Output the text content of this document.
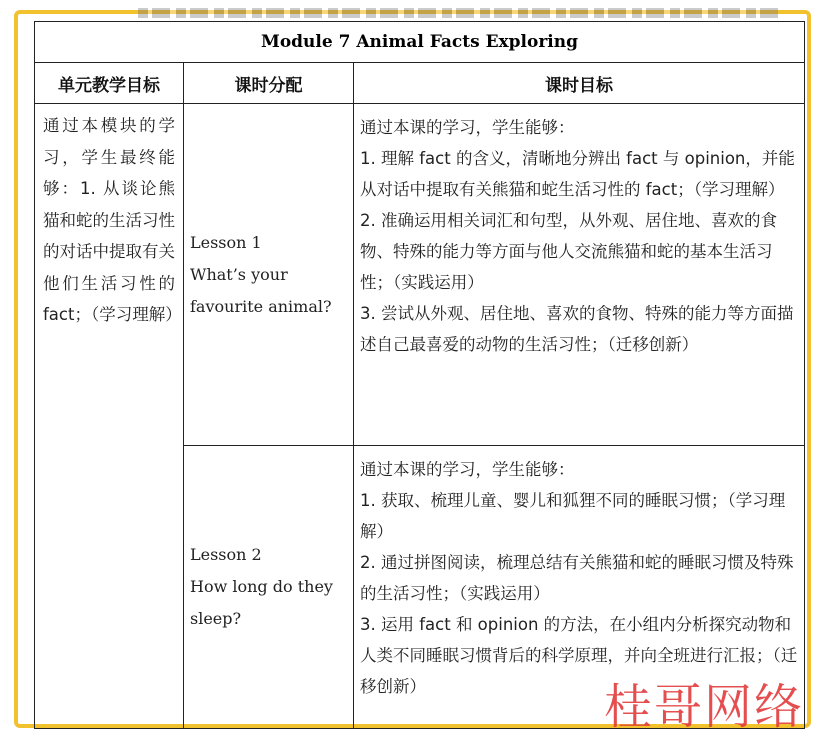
Module 7 Animal Facts Exploring		
单元教学目标	课时分配	课时目标
通过本模块的学习，学生最终能够：1. 从谈论熊猫和蛇的生活习性的对话中提取有关他们生活习性的fact；（学习理解）	Lesson 1
What’s your
favourite animal?	通过本课的学习，学生能够：
1. 理解 fact 的含义，清晰地分辨出 fact 与 opinion，并能从对话中提取有关熊猫和蛇生活习性的 fact；（学习理解）
2. 准确运用相关词汇和句型，从外观、居住地、喜欢的食物、特殊的能力等方面与他人交流熊猫和蛇的基本生活习性；（实践运用）
3. 尝试从外观、居住地、喜欢的食物、特殊的能力等方面描述自己最喜爱的动物的生活习性；（迁移创新）

	Lesson 2
How long do they
sleep?	通过本课的学习，学生能够：
1. 获取、梳理儿童、婴儿和狐狸不同的睡眠习惯；（学习理解）
2. 通过拼图阅读，梳理总结有关熊猫和蛇的睡眠习惯及特殊的生活习性；（实践运用）
3. 运用 fact 和 opinion 的方法，在小组内分析探究动物和人类不同睡眠习惯背后的科学原理，并向全班进行汇报；（迁移创新）	桂哥网络
